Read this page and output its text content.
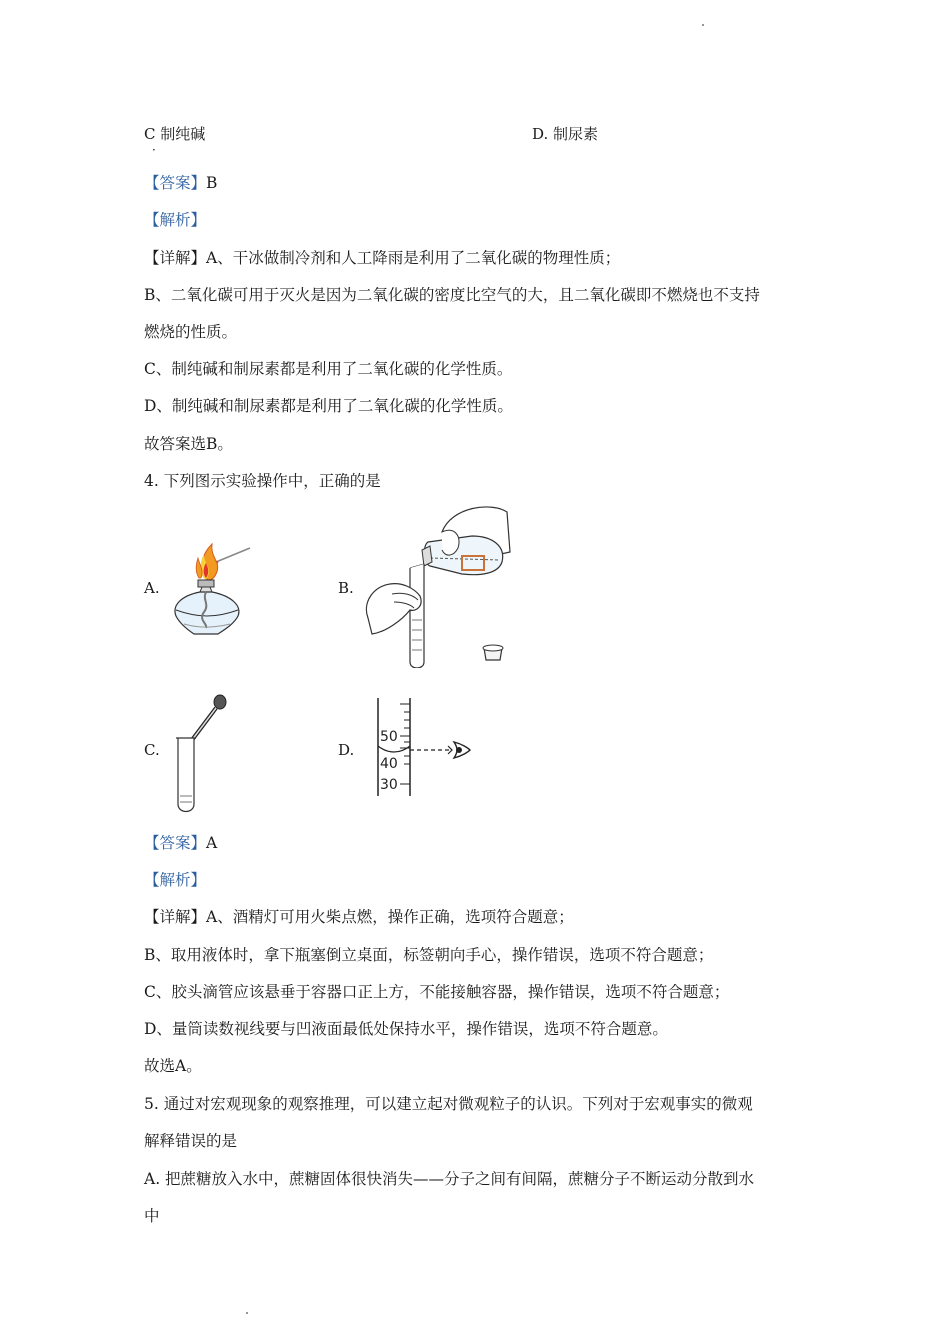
C 制纯碱
·
D. 制尿素
【答案】B
【解析】
【详解】A、干冰做制冷剂和人工降雨是利用了二氧化碳的物理性质；
B、二氧化碳可用于灭火是因为二氧化碳的密度比空气的大，且二氧化碳即不燃烧也不支持
燃烧的性质。
C、制纯碱和制尿素都是利用了二氧化碳的化学性质。
D、制纯碱和制尿素都是利用了二氧化碳的化学性质。
故答案选B。
4. 下列图示实验操作中，正确的是
A.	B.
C.	D.
50
40
30
【答案】A
【解析】
【详解】A、酒精灯可用火柴点燃，操作正确，选项符合题意；
B、取用液体时，拿下瓶塞倒立桌面，标签朝向手心，操作错误，选项不符合题意；
C、胶头滴管应该悬垂于容器口正上方，不能接触容器，操作错误，选项不符合题意；
D、量筒读数视线要与凹液面最低处保持水平，操作错误，选项不符合题意。
故选A。
5. 通过对宏观现象的观察推理，可以建立起对微观粒子的认识。下列对于宏观事实的微观
解释错误的是
A. 把蔗糖放入水中，蔗糖固体很快消失——分子之间有间隔，蔗糖分子不断运动分散到水
中
